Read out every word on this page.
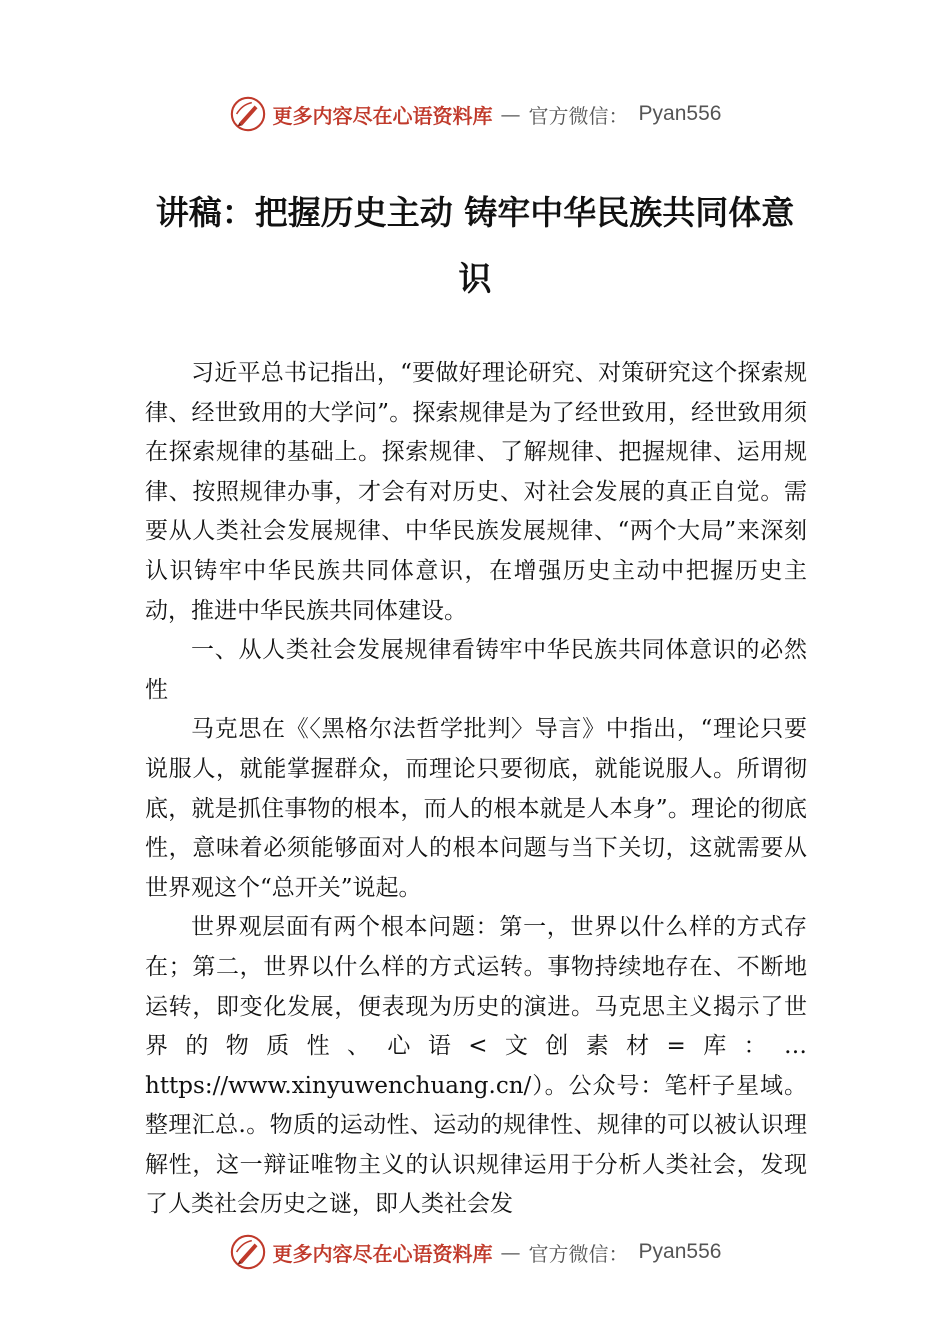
更多内容尽在心语资料库 — 官方微信： Pyan556
讲稿：把握历史主动 铸牢中华民族共同体意识

习近平总书记指出，“要做好理论研究、对策研究这个探索规律、经世致用的大学问”。探索规律是为了经世致用，经世致用须在探索规律的基础上。探索规律、了解规律、把握规律、运用规律、按照规律办事，才会有对历史、对社会发展的真正自觉。需要从人类社会发展规律、中华民族发展规律、“两个大局”来深刻认识铸牢中华民族共同体意识，在增强历史主动中把握历史主动，推进中华民族共同体建设。

一、从人类社会发展规律看铸牢中华民族共同体意识的必然性

马克思在《〈黑格尔法哲学批判〉导言》中指出，“理论只要说服人，就能掌握群众，而理论只要彻底，就能说服人。所谓彻底，就是抓住事物的根本，而人的根本就是人本身”。理论的彻底性，意味着必须能够面对人的根本问题与当下关切，这就需要从世界观这个“总开关”说起。

世界观层面有两个根本问题：第一，世界以什么样的方式存在；第二，世界以什么样的方式运转。事物持续地存在、不断地运转，即变化发展，便表现为历史的演进。马克思主义揭示了世界的物质性、心语<文创素材=库：…https://www.xinyuwenchuang.cn/）。公众号：笔杆子星域。整理汇总.。物质的运动性、运动的规律性、规律的可以被认识理解性，这一辩证唯物主义的认识规律运用于分析人类社会，发现了人类社会历史之谜，即人类社会发

更多内容尽在心语资料库 — 官方微信： Pyan556
